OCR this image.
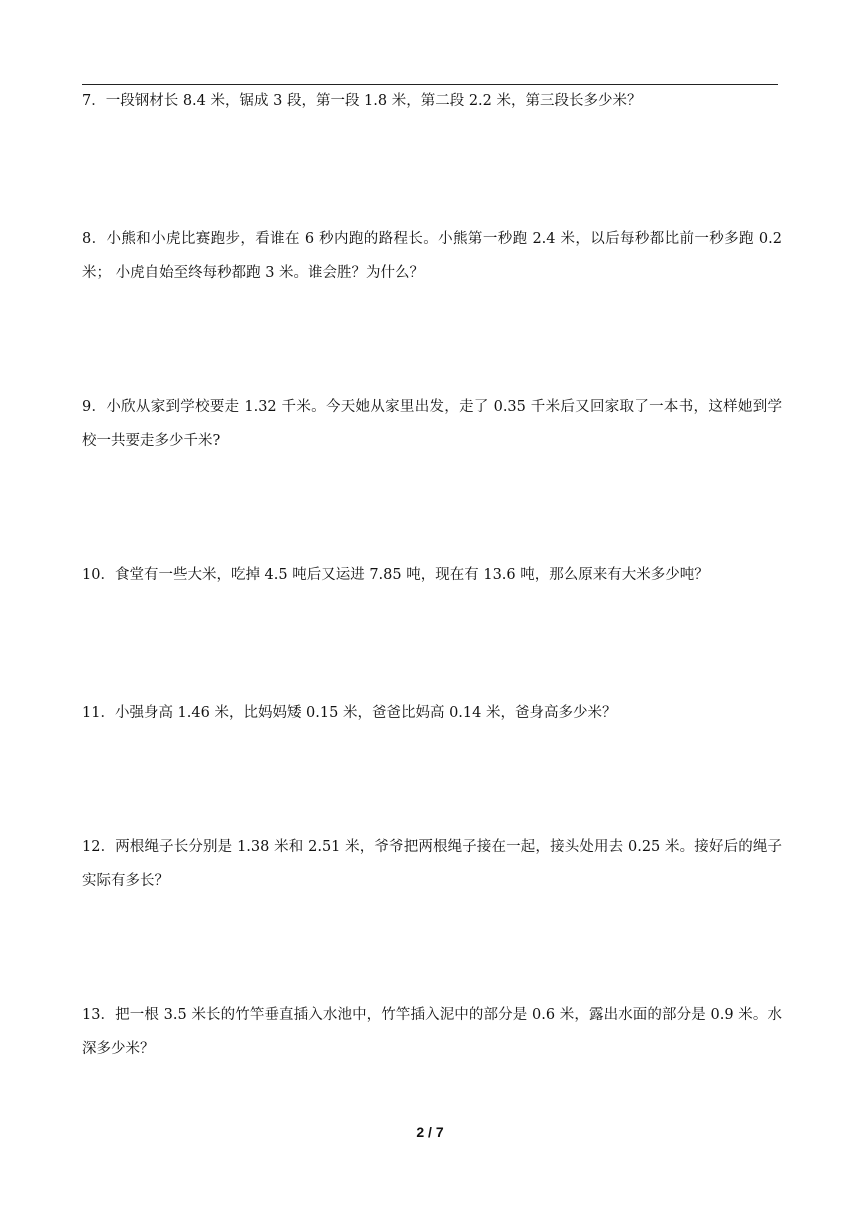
7．一段钢材长 8.4 米，锯成 3 段，第一段 1.8 米，第二段 2.2 米，第三段长多少米？

8．小熊和小虎比赛跑步，看谁在 6 秒内跑的路程长。小熊第一秒跑 2.4 米，以后每秒都比前一秒多跑 0.2 米； 小虎自始至终每秒都跑 3 米。谁会胜？为什么？

9．小欣从家到学校要走 1.32 千米。今天她从家里出发，走了 0.35 千米后又回家取了一本书，这样她到学校一共要走多少千米?

10．食堂有一些大米，吃掉 4.5 吨后又运进 7.85 吨，现在有 13.6 吨，那么原来有大米多少吨？

11．小强身高 1.46 米，比妈妈矮 0.15 米，爸爸比妈高 0.14 米，爸身高多少米？

12．两根绳子长分别是 1.38 米和 2.51 米，爷爷把两根绳子接在一起，接头处用去 0.25 米。接好后的绳子实际有多长？

13．把一根 3.5 米长的竹竿垂直插入水池中，竹竿插入泥中的部分是 0.6 米，露出水面的部分是 0.9 米。水深多少米？

2 / 7
